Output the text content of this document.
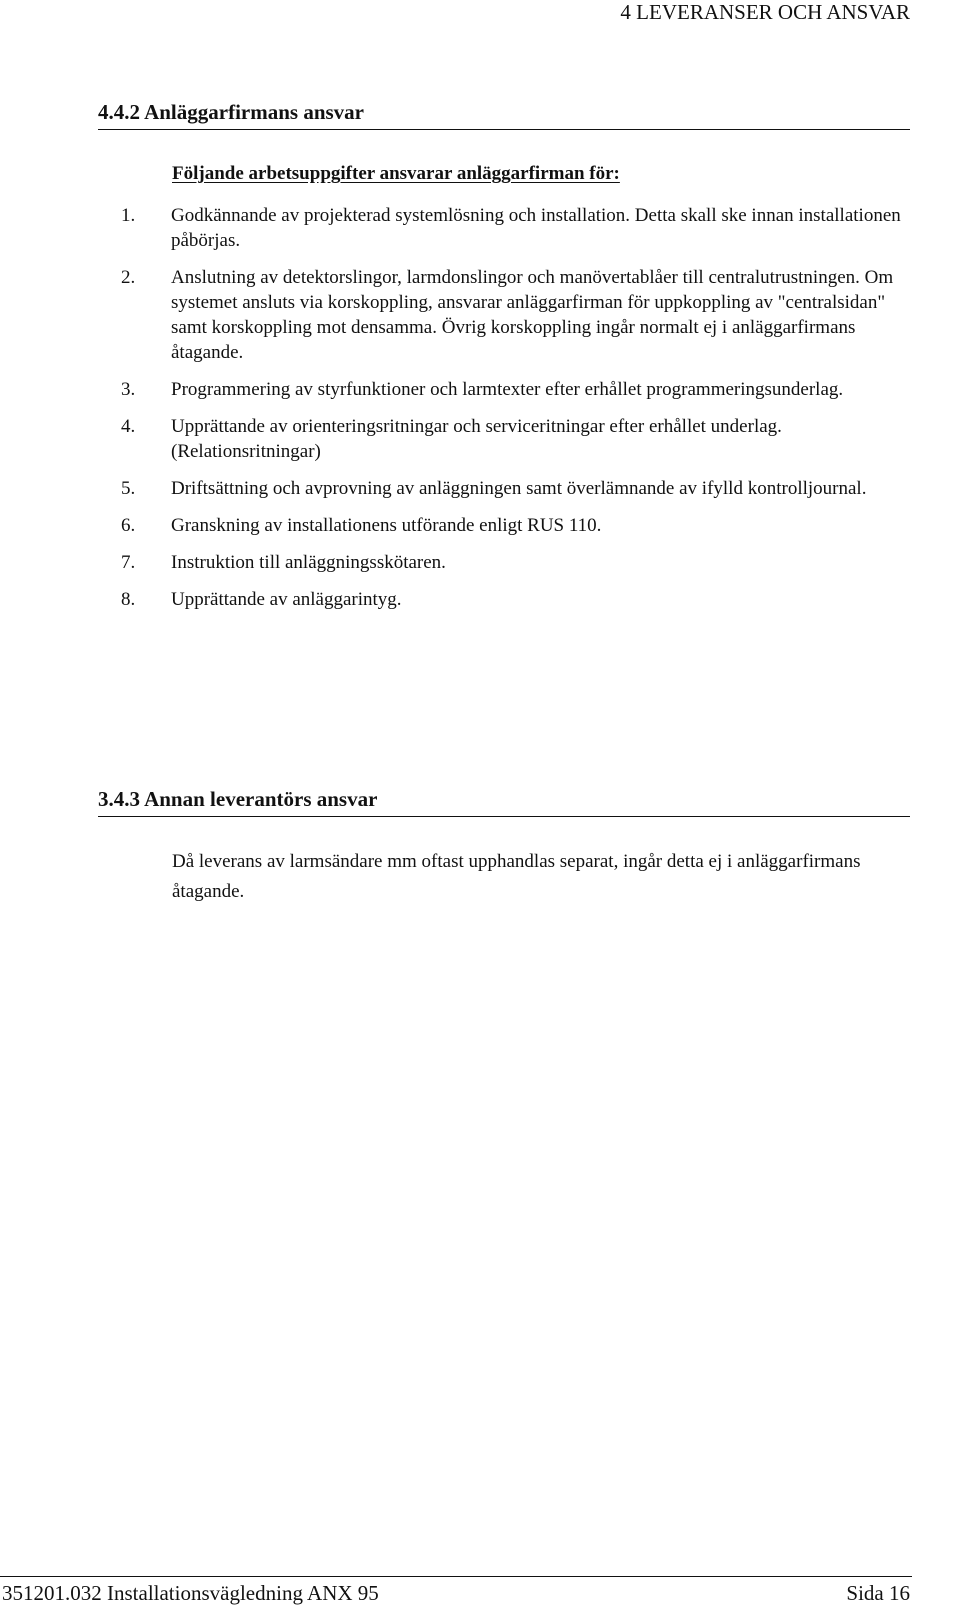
4 LEVERANSER OCH ANSVAR
4.4.2 Anläggarfirmans ansvar
Följande arbetsuppgifter ansvarar anläggarfirman för:
1. Godkännande av projekterad systemlösning och installation. Detta skall ske innan installationen påbörjas.
2. Anslutning av detektorslingor, larmdonslingor och manövertablåer till centralutrustningen. Om systemet ansluts via korskoppling, ansvarar anläggarfirman för uppkoppling av "centralsidan" samt korskoppling mot densamma. Övrig korskoppling ingår normalt ej i anläggarfirmans åtagande.
3. Programmering av styrfunktioner och larmtexter efter erhållet programmeringsunderlag.
4. Upprättande av orienteringsritningar och serviceritningar efter erhållet underlag. (Relationsritningar)
5. Driftsättning och avprovning av anläggningen samt överlämnande av ifylld kontrolljournal.
6. Granskning av installationens utförande enligt RUS 110.
7. Instruktion till anläggningsskötaren.
8. Upprättande av anläggarintyg.
3.4.3 Annan leverantörs ansvar
Då leverans av larmsändare mm oftast upphandlas separat, ingår detta ej i anläggarfirmans åtagande.
351201.032 Installationsvägledning ANX 95	Sida 16
